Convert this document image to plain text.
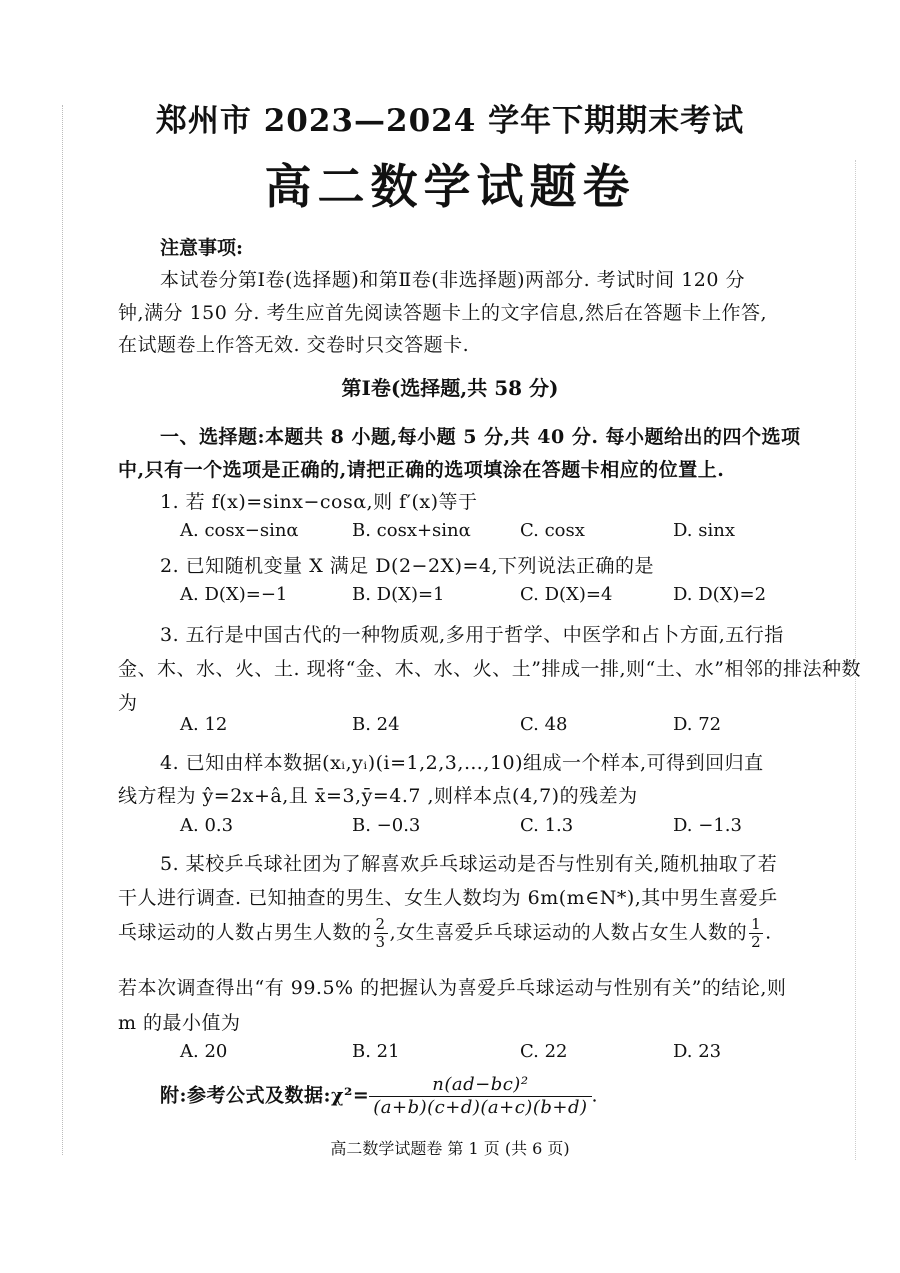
郑州市 2023—2024 学年下期期末考试
高二数学试题卷
注意事项:
本试卷分第Ⅰ卷(选择题)和第Ⅱ卷(非选择题)两部分. 考试时间 120 分
钟,满分 150 分. 考生应首先阅读答题卡上的文字信息,然后在答题卡上作答,
在试题卷上作答无效. 交卷时只交答题卡.
第Ⅰ卷(选择题,共 58 分)
一、选择题:本题共 8 小题,每小题 5 分,共 40 分. 每小题给出的四个选项
中,只有一个选项是正确的,请把正确的选项填涂在答题卡相应的位置上.
1. 若 f(x)=sinx−cosα,则 f′(x)等于
A. cosx−sinα	B. cosx+sinα	C. cosx	D. sinx
2. 已知随机变量 X 满足 D(2−2X)=4,下列说法正确的是
A. D(X)=−1	B. D(X)=1	C. D(X)=4	D. D(X)=2
3. 五行是中国古代的一种物质观,多用于哲学、中医学和占卜方面,五行指
金、木、水、火、土. 现将“金、木、水、火、土”排成一排,则“土、水”相邻的排法种数
为
A. 12	B. 24	C. 48	D. 72
4. 已知由样本数据(xᵢ,yᵢ)(i=1,2,3,…,10)组成一个样本,可得到回归直
线方程为 ŷ=2x+â,且 x̄=3,ȳ=4.7 ,则样本点(4,7)的残差为
A. 0.3	B. −0.3	C. 1.3	D. −1.3
5. 某校乒乓球社团为了解喜欢乒乓球运动是否与性别有关,随机抽取了若
干人进行调查. 已知抽查的男生、女生人数均为 6m(m∈N*),其中男生喜爱乒
乓球运动的人数占男生人数的 $\frac{2}{3}$ ,女生喜爱乒乓球运动的人数占女生人数的 $\frac{1}{2}$ .
若本次调查得出“有 99.5% 的把握认为喜爱乒乓球运动与性别有关”的结论,则
m 的最小值为
A. 20	B. 21	C. 22	D. 23
附:参考公式及数据:χ²= $\frac{\text{n(ad−bc)²}}{(a+b)(c+d)(a+c)(b+d)}$ .
高二数学试题卷 第 1 页 (共 6 页)
